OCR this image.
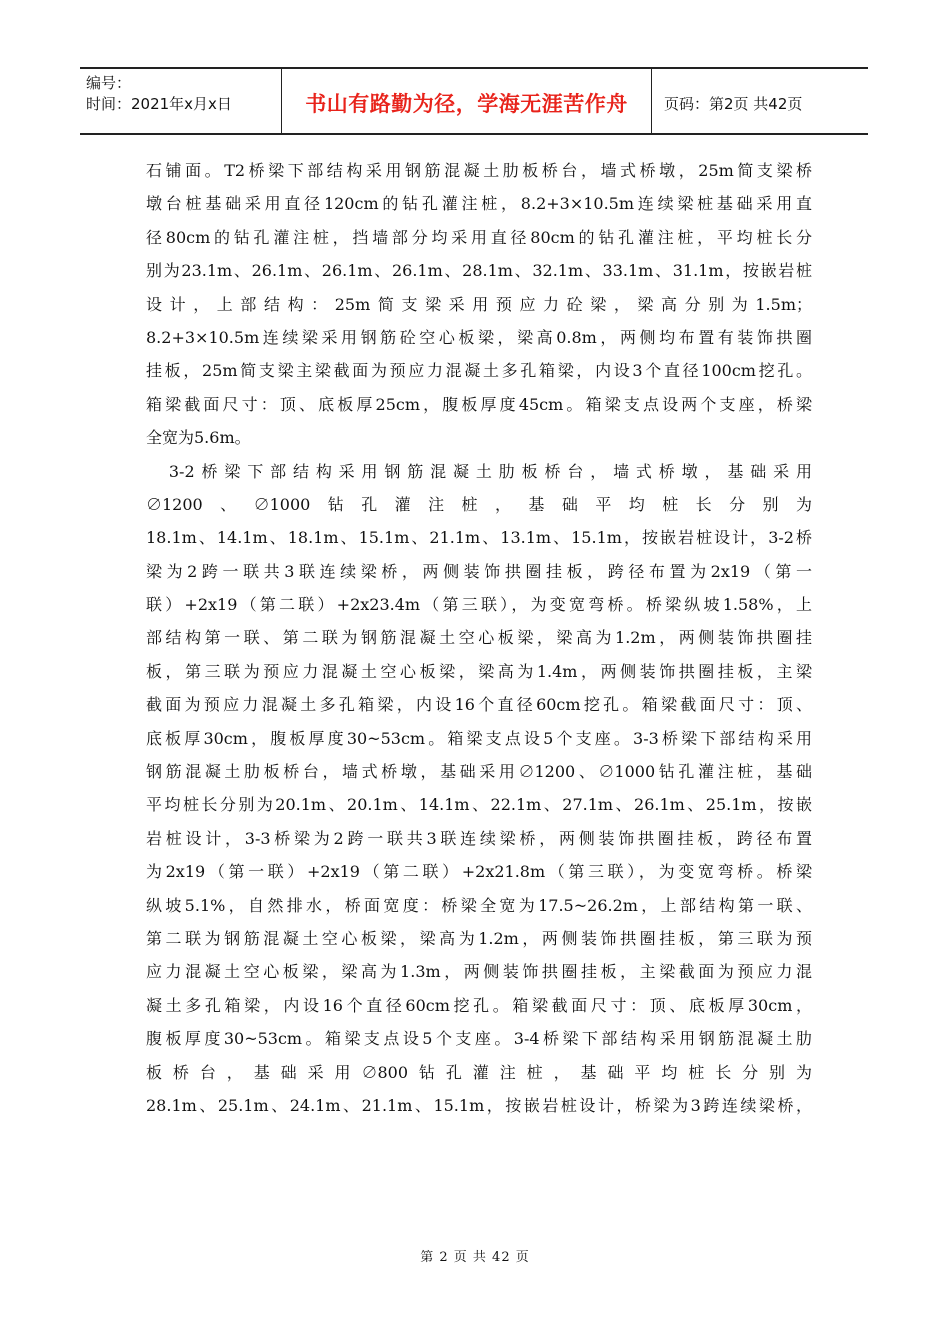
编号：
时间：2021年x月x日	书山有路勤为径，学海无涯苦作舟	页码：第2页 共42页
石铺面。T2桥梁下部结构采用钢筋混凝土肋板桥台，墙式桥墩，25m简支梁桥
墩台桩基础采用直径120cm的钻孔灌注桩，8.2+3×10.5m连续梁桩基础采用直
径80cm的钻孔灌注桩，挡墙部分均采用直径80cm的钻孔灌注桩，平均桩长分
别为23.1m、26.1m、26.1m、26.1m、28.1m、32.1m、33.1m、31.1m，按嵌岩桩
设计，上部结构：25m简支梁采用预应力砼梁，梁高分别为1.5m；
8.2+3×10.5m连续梁采用钢筋砼空心板梁，梁高0.8m，两侧均布置有装饰拱圈
挂板，25m简支梁主梁截面为预应力混凝土多孔箱梁，内设3个直径100cm挖孔。
箱梁截面尺寸：顶、底板厚25cm，腹板厚度45cm。箱梁支点设两个支座，桥梁
全宽为5.6m。
　3-2桥梁下部结构采用钢筋混凝土肋板桥台，墙式桥墩，基础采用
∅1200、∅1000钻孔灌注桩，基础平均桩长分别为
18.1m、14.1m、18.1m、15.1m、21.1m、13.1m、15.1m，按嵌岩桩设计，3-2桥
梁为2跨一联共3联连续梁桥，两侧装饰拱圈挂板，跨径布置为2x19（第一
联）+2x19（第二联）+2x23.4m（第三联），为变宽弯桥。桥梁纵坡1.58%，上
部结构第一联、第二联为钢筋混凝土空心板梁，梁高为1.2m，两侧装饰拱圈挂
板，第三联为预应力混凝土空心板梁，梁高为1.4m，两侧装饰拱圈挂板，主梁
截面为预应力混凝土多孔箱梁，内设16个直径60cm挖孔。箱梁截面尺寸：顶、
底板厚30cm，腹板厚度30~53cm。箱梁支点设5个支座。3-3桥梁下部结构采用
钢筋混凝土肋板桥台，墙式桥墩，基础采用∅1200、∅1000钻孔灌注桩，基础
平均桩长分别为20.1m、20.1m、14.1m、22.1m、27.1m、26.1m、25.1m，按嵌
岩桩设计，3-3桥梁为2跨一联共3联连续梁桥，两侧装饰拱圈挂板，跨径布置
为2x19（第一联）+2x19（第二联）+2x21.8m（第三联），为变宽弯桥。桥梁
纵坡5.1%，自然排水，桥面宽度：桥梁全宽为17.5~26.2m，上部结构第一联、
第二联为钢筋混凝土空心板梁，梁高为1.2m，两侧装饰拱圈挂板，第三联为预
应力混凝土空心板梁，梁高为1.3m，两侧装饰拱圈挂板，主梁截面为预应力混
凝土多孔箱梁，内设16个直径60cm挖孔。箱梁截面尺寸：顶、底板厚30cm，
腹板厚度30~53cm。箱梁支点设5个支座。3-4桥梁下部结构采用钢筋混凝土肋
板桥台，基础采用∅800钻孔灌注桩，基础平均桩长分别为
28.1m、25.1m、24.1m、21.1m、15.1m，按嵌岩桩设计，桥梁为3跨连续梁桥，
第 2 页 共 42 页
